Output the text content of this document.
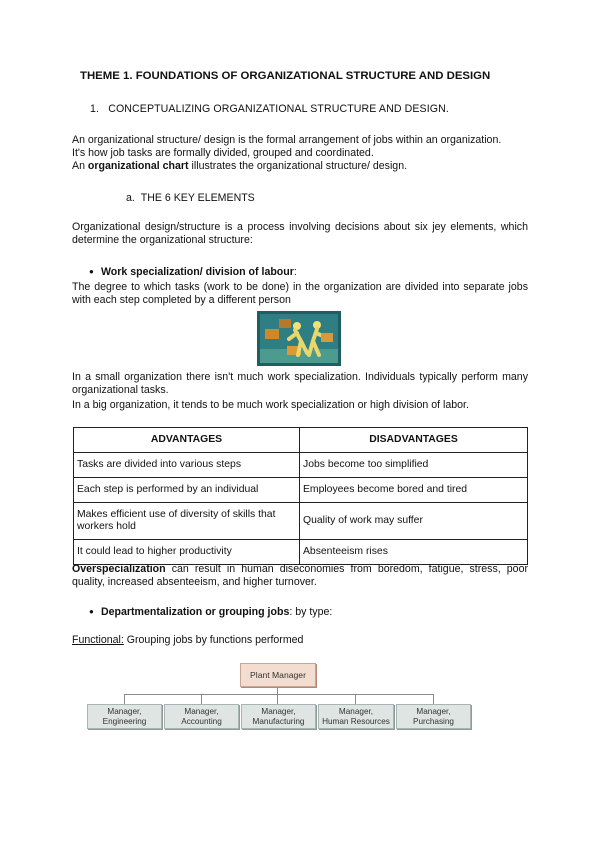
THEME 1. FOUNDATIONS OF ORGANIZATIONAL STRUCTURE AND DESIGN
1. CONCEPTUALIZING ORGANIZATIONAL STRUCTURE AND DESIGN.
An organizational structure/ design is the formal arrangement of jobs within an organization.
It's how job tasks are formally divided, grouped and coordinated.
An organizational chart illustrates the organizational structure/ design.
a. THE 6 KEY ELEMENTS
Organizational design/structure is a process involving decisions about six jey elements, which determine the organizational structure:
● Work specialization/ division of labour:
The degree to which tasks (work to be done) in the organization are divided into separate jobs with each step completed by a different person
In a small organization there isn't much work specialization. Individuals typically perform many organizational tasks.
In a big organization, it tends to be much work specialization or high division of labor.
ADVANTAGES	DISADVANTAGES
Tasks are divided into various steps	Jobs become too simplified
Each step is performed by an individual	Employees become bored and tired
Makes efficient use of diversity of skills that workers hold	Quality of work may suffer
It could lead to higher productivity	Absenteeism rises
Overspecialization can result in human diseconomies from boredom, fatigue, stress, poor quality, increased absenteeism, and higher turnover.
● Departmentalization or grouping jobs: by type:
Functional: Grouping jobs by functions performed
Plant Manager
Manager,
Engineering
Manager,
Accounting
Manager,
Manufacturing
Manager,
Human Resources
Manager,
Purchasing
